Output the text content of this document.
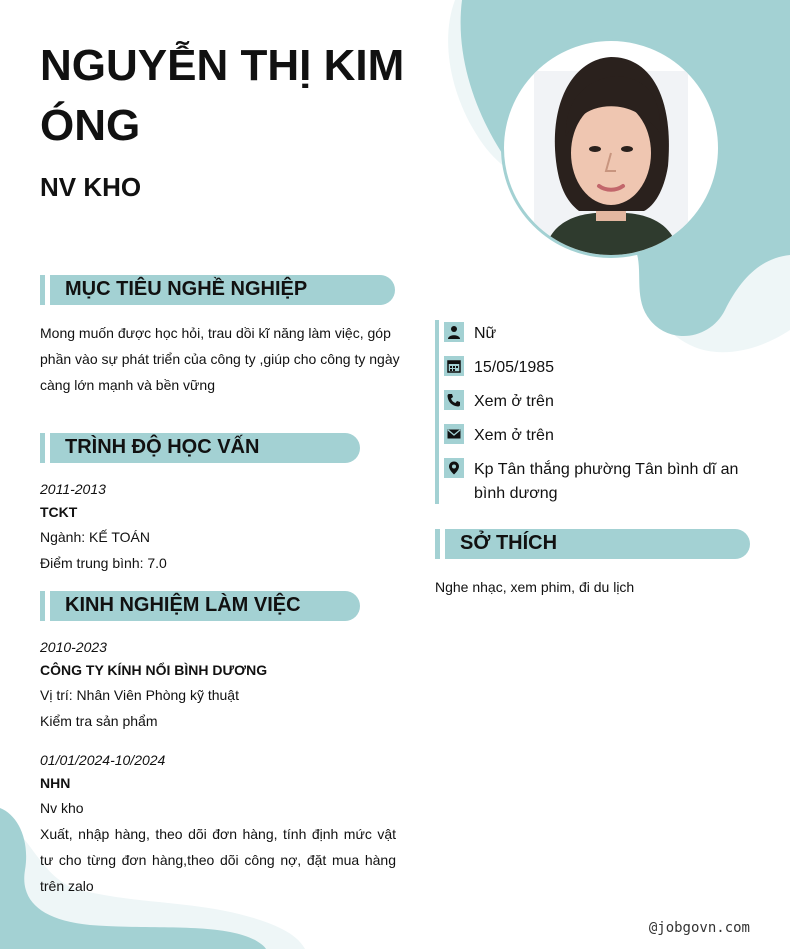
NGUYỄN THỊ KIM ÓNG
NV KHO
MỤC TIÊU NGHỀ NGHIỆP
Mong muốn được học hỏi, trau dồi kĩ năng làm việc, góp phần vào sự phát triển của công ty ,giúp cho công ty ngày càng lớn mạnh và bền vững
TRÌNH ĐỘ HỌC VẤN
2011-2013
TCKT
Ngành: KẾ TOÁN
Điểm trung bình: 7.0
KINH NGHIỆM LÀM VIỆC
2010-2023
CÔNG TY KÍNH NỔI BÌNH DƯƠNG
Vị trí: Nhân Viên Phòng kỹ thuật
Kiểm tra sản phẩm
01/01/2024-10/2024
NHN
Nv kho
Xuất, nhập hàng, theo dõi đơn hàng, tính định mức vật tư cho từng đơn hàng,theo dõi công nợ, đặt mua hàng trên zalo
Nữ
15/05/1985
Xem ở trên
Xem ở trên
Kp Tân thắng phường Tân bình dĩ an bình dương
SỞ THÍCH
Nghe nhạc, xem phim, đi du lịch
@jobgovn.com
